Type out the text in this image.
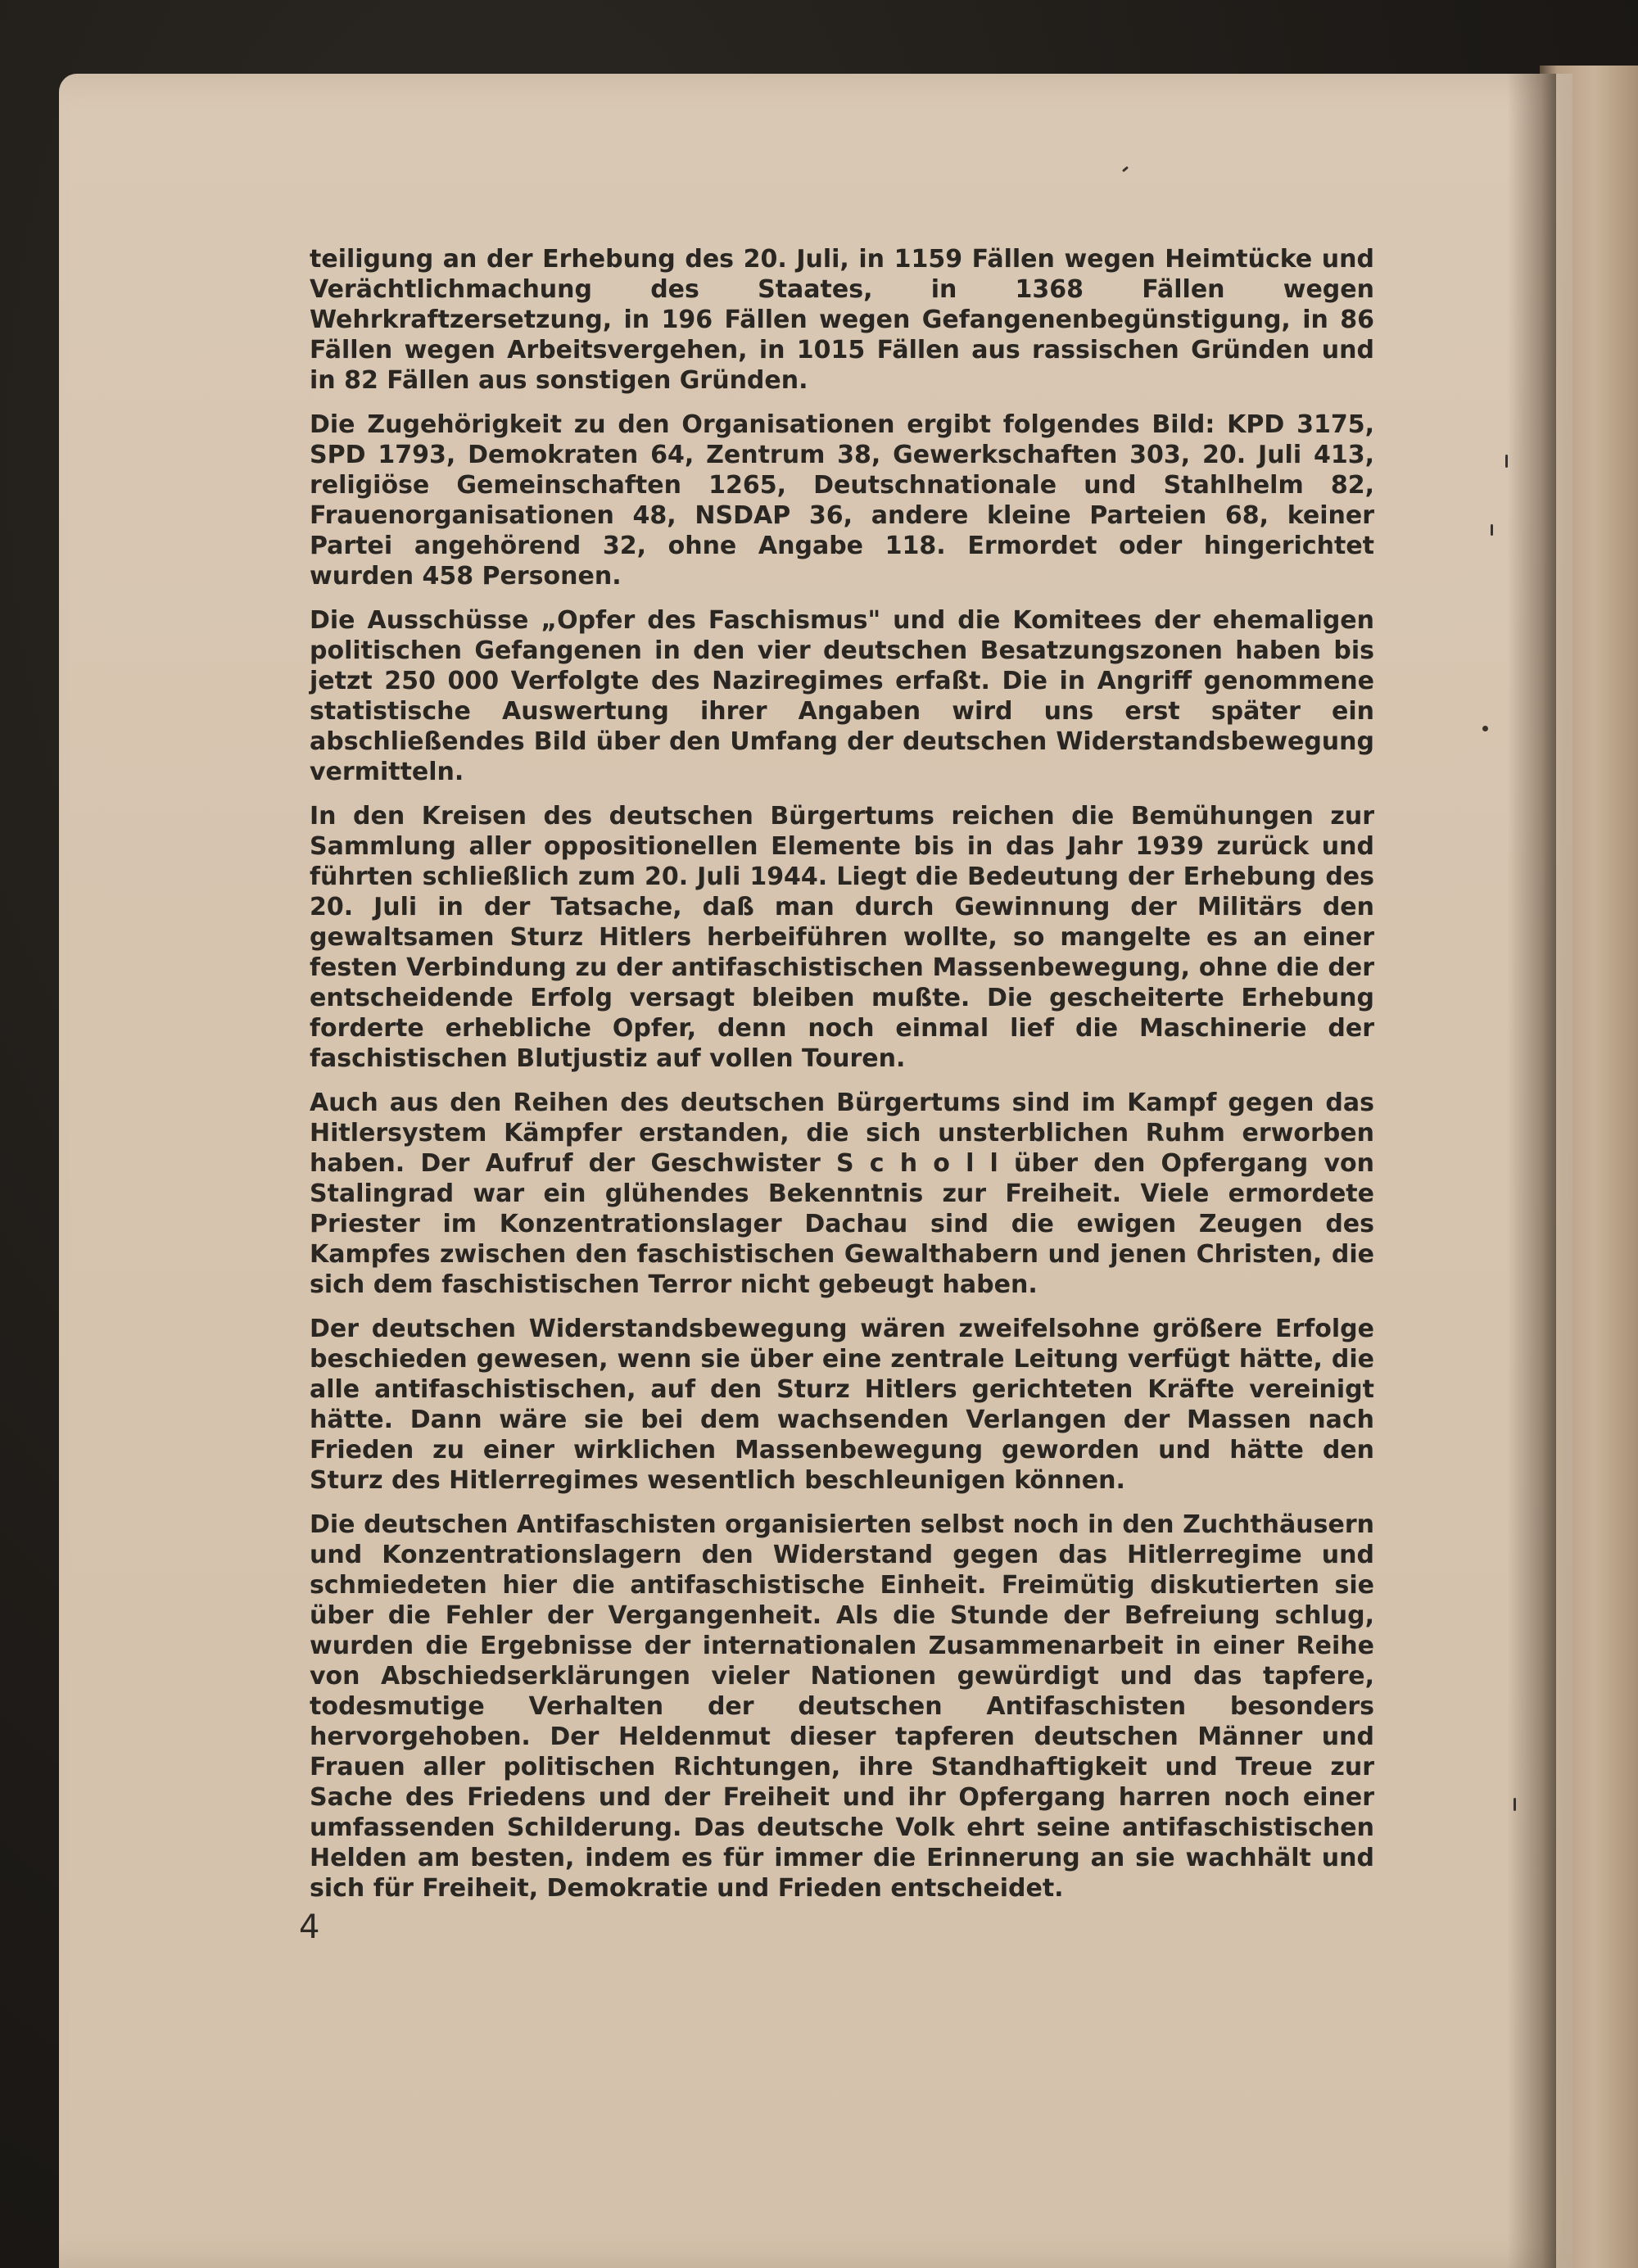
teiligung an der Erhebung des 20. Juli, in 1159 Fällen wegen Heimtücke und Verächtlichmachung des Staates, in 1368 Fällen wegen Wehrkraftzersetzung, in 196 Fällen wegen Gefangenenbegünstigung, in 86 Fällen wegen Arbeitsvergehen, in 1015 Fällen aus rassischen Gründen und in 82 Fällen aus sonstigen Gründen.

Die Zugehörigkeit zu den Organisationen ergibt folgendes Bild: KPD 3175, SPD 1793, Demokraten 64, Zentrum 38, Gewerkschaften 303, 20. Juli 413, religiöse Gemeinschaften 1265, Deutschnationale und Stahlhelm 82, Frauenorganisationen 48, NSDAP 36, andere kleine Parteien 68, keiner Partei angehörend 32, ohne Angabe 118. Ermordet oder hingerichtet wurden 458 Personen.

Die Ausschüsse „Opfer des Faschismus" und die Komitees der ehemaligen politischen Gefangenen in den vier deutschen Besatzungszonen haben bis jetzt 250 000 Verfolgte des Naziregimes erfaßt. Die in Angriff genommene statistische Auswertung ihrer Angaben wird uns erst später ein abschließendes Bild über den Umfang der deutschen Widerstandsbewegung vermitteln.

In den Kreisen des deutschen Bürgertums reichen die Bemühungen zur Sammlung aller oppositionellen Elemente bis in das Jahr 1939 zurück und führten schließlich zum 20. Juli 1944. Liegt die Bedeutung der Erhebung des 20. Juli in der Tatsache, daß man durch Gewinnung der Militärs den gewaltsamen Sturz Hitlers herbeiführen wollte, so mangelte es an einer festen Verbindung zu der antifaschistischen Massenbewegung, ohne die der entscheidende Erfolg versagt bleiben mußte. Die gescheiterte Erhebung forderte erhebliche Opfer, denn noch einmal lief die Maschinerie der faschistischen Blutjustiz auf vollen Touren.

Auch aus den Reihen des deutschen Bürgertums sind im Kampf gegen das Hitlersystem Kämpfer erstanden, die sich unsterblichen Ruhm erworben haben. Der Aufruf der Geschwister S c h o l l über den Opfergang von Stalingrad war ein glühendes Bekenntnis zur Freiheit. Viele ermordete Priester im Konzentrationslager Dachau sind die ewigen Zeugen des Kampfes zwischen den faschistischen Gewalthabern und jenen Christen, die sich dem faschistischen Terror nicht gebeugt haben.

Der deutschen Widerstandsbewegung wären zweifelsohne größere Erfolge beschieden gewesen, wenn sie über eine zentrale Leitung verfügt hätte, die alle antifaschistischen, auf den Sturz Hitlers gerichteten Kräfte vereinigt hätte. Dann wäre sie bei dem wachsenden Verlangen der Massen nach Frieden zu einer wirklichen Massenbewegung geworden und hätte den Sturz des Hitlerregimes wesentlich beschleunigen können.

Die deutschen Antifaschisten organisierten selbst noch in den Zuchthäusern und Konzentrationslagern den Widerstand gegen das Hitlerregime und schmiedeten hier die antifaschistische Einheit. Freimütig diskutierten sie über die Fehler der Vergangenheit. Als die Stunde der Befreiung schlug, wurden die Ergebnisse der internationalen Zusammenarbeit in einer Reihe von Abschiedserklärungen vieler Nationen gewürdigt und das tapfere, todesmutige Verhalten der deutschen Antifaschisten besonders hervorgehoben. Der Heldenmut dieser tapferen deutschen Männer und Frauen aller politischen Richtungen, ihre Standhaftigkeit und Treue zur Sache des Friedens und der Freiheit und ihr Opfergang harren noch einer umfassenden Schilderung. Das deutsche Volk ehrt seine antifaschistischen Helden am besten, indem es für immer die Erinnerung an sie wachhält und sich für Freiheit, Demokratie und Frieden entscheidet.

4
